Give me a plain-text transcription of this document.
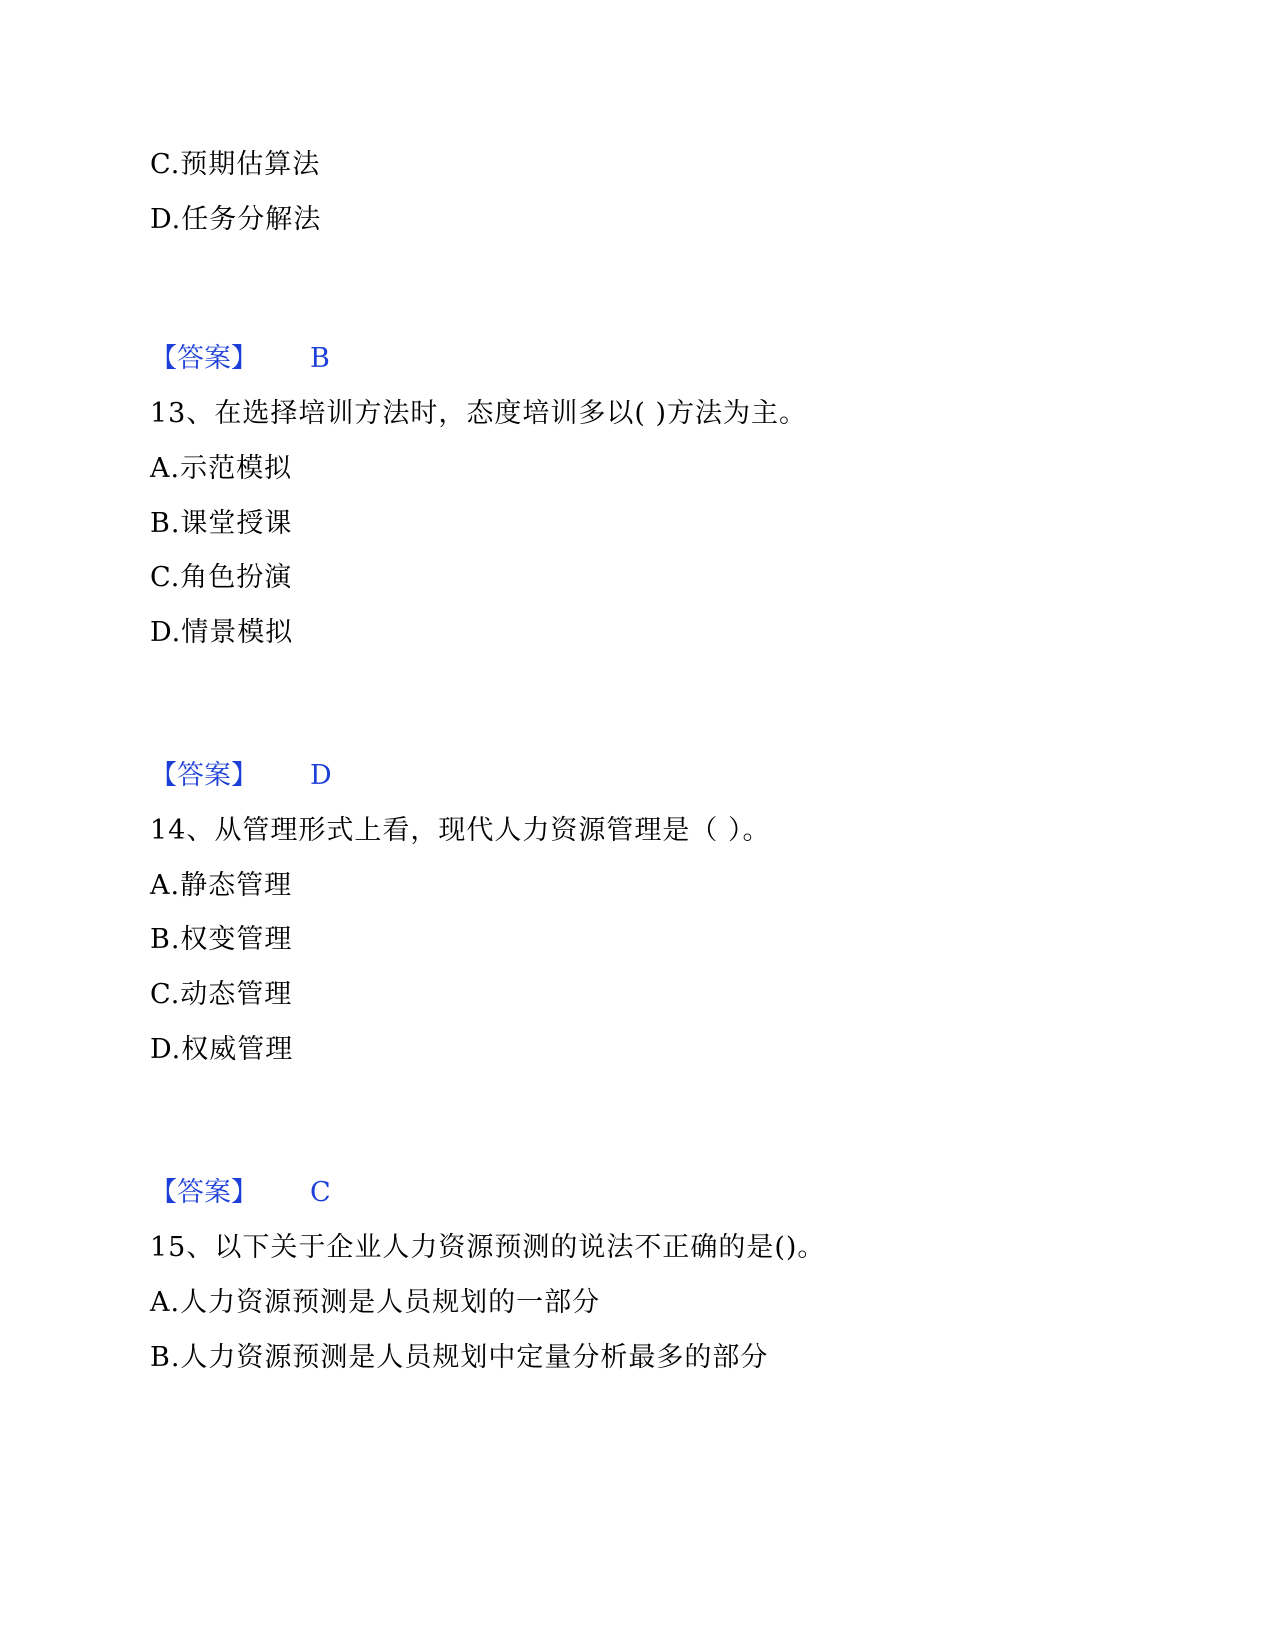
C.预期估算法
D.任务分解法
【答案】 B
13、在选择培训方法时，态度培训多以( )方法为主。
A.示范模拟
B.课堂授课
C.角色扮演
D.情景模拟
【答案】 D
14、从管理形式上看，现代人力资源管理是（ ）。
A.静态管理
B.权变管理
C.动态管理
D.权威管理
【答案】 C
15、以下关于企业人力资源预测的说法不正确的是()。
A.人力资源预测是人员规划的一部分
B.人力资源预测是人员规划中定量分析最多的部分
